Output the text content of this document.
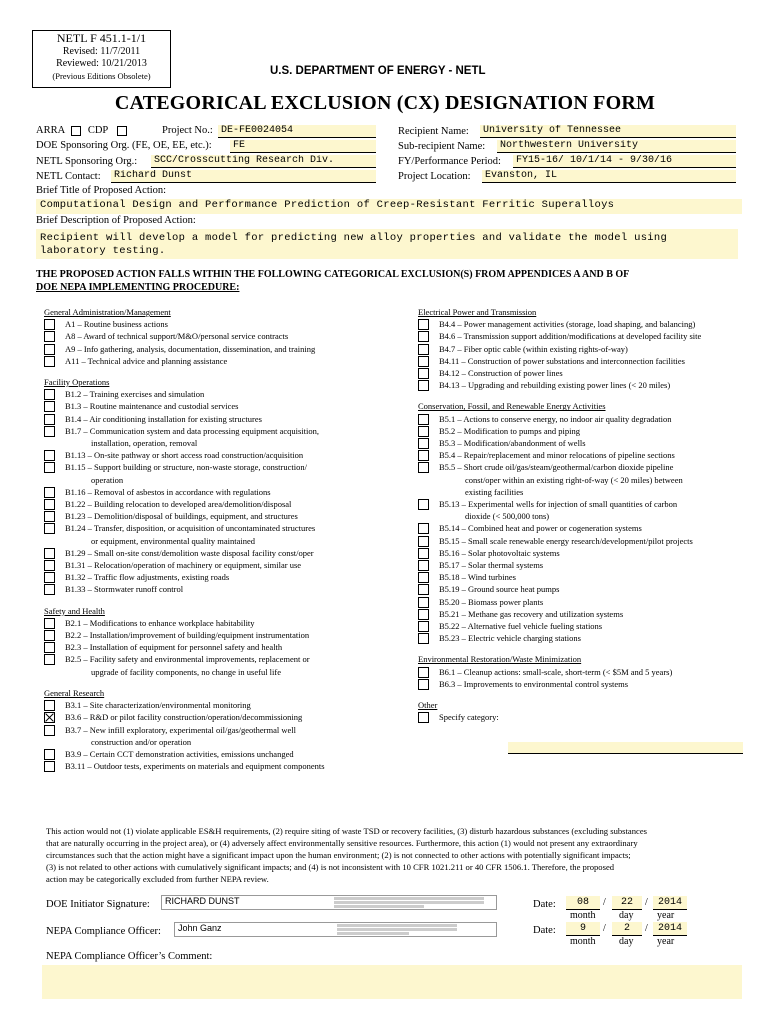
NETL F 451.1-1/1
Revised: 11/7/2011
Reviewed: 10/21/2013
(Previous Editions Obsolete)	U.S. DEPARTMENT OF ENERGY - NETL
CATEGORICAL EXCLUSION (CX) DESIGNATION FORM
ARRA CDP	Project No.: DE-FE0024054
DOE Sponsoring Org. (FE, OE, EE, etc.):	FE
NETL Sponsoring Org.:	SCC/Crosscutting Research Div.
NETL Contact:	Richard Dunst
Recipient Name:	University of Tennessee
Sub-recipient Name:	Northwestern University
FY/Performance Period:	FY15-16/ 10/1/14 - 9/30/16
Project Location:	Evanston, IL
Brief Title of Proposed Action:
Computational Design and Performance Prediction of Creep-Resistant Ferritic Superalloys
Brief Description of Proposed Action:
Recipient will develop a model for predicting new alloy properties and validate the model using
laboratory testing.
THE PROPOSED ACTION FALLS WITHIN THE FOLLOWING CATEGORICAL EXCLUSION(S) FROM APPENDICES A AND B OF
DOE NEPA IMPLEMENTING PROCEDURE:
General Administration/Management
A1 – Routine business actions
A8 – Award of technical support/M&O/personal service contracts
A9 – Info gathering, analysis, documentation, dissemination, and training
A11 – Technical advice and planning assistance
Facility Operations
B1.2 – Training exercises and simulation
B1.3 – Routine maintenance and custodial services
B1.4 – Air conditioning installation for existing structures
B1.7 – Communication system and data processing equipment acquisition,
installation, operation, removal
B1.13 – On-site pathway or short access road construction/acquisition
B1.15 – Support building or structure, non-waste storage, construction/
operation
B1.16 – Removal of asbestos in accordance with regulations
B1.22 – Building relocation to developed area/demolition/disposal
B1.23 – Demolition/disposal of buildings, equipment, and structures
B1.24 – Transfer, disposition, or acquisition of uncontaminated structures
or equipment, environmental quality maintained
B1.29 – Small on-site const/demolition waste disposal facility const/oper
B1.31 – Relocation/operation of machinery or equipment, similar use
B1.32 – Traffic flow adjustments, existing roads
B1.33 – Stormwater runoff control
Safety and Health
B2.1 – Modifications to enhance workplace habitability
B2.2 – Installation/improvement of building/equipment instrumentation
B2.3 – Installation of equipment for personnel safety and health
B2.5 – Facility safety and environmental improvements, replacement or
upgrade of facility components, no change in useful life
General Research
B3.1 – Site characterization/environmental monitoring
B3.6 – R&D or pilot facility construction/operation/decommissioning
B3.7 – New infill exploratory, experimental oil/gas/geothermal well
construction and/or operation
B3.9 – Certain CCT demonstration activities, emissions unchanged
B3.11 – Outdoor tests, experiments on materials and equipment components
Electrical Power and Transmission
B4.4 – Power management activities (storage, load shaping, and balancing)
B4.6 – Transmission support addition/modifications at developed facility site
B4.7 – Fiber optic cable (within existing rights-of-way)
B4.11 – Construction of power substations and interconnection facilities
B4.12 – Construction of power lines
B4.13 – Upgrading and rebuilding existing power lines (< 20 miles)
Conservation, Fossil, and Renewable Energy Activities
B5.1 – Actions to conserve energy, no indoor air quality degradation
B5.2 – Modification to pumps and piping
B5.3 – Modification/abandonment of wells
B5.4 – Repair/replacement and minor relocations of pipeline sections
B5.5 – Short crude oil/gas/steam/geothermal/carbon dioxide pipeline
const/oper within an existing right-of-way (< 20 miles) between
existing facilities
B5.13 – Experimental wells for injection of small quantities of carbon
dioxide (< 500,000 tons)
B5.14 – Combined heat and power or cogeneration systems
B5.15 – Small scale renewable energy research/development/pilot projects
B5.16 – Solar photovoltaic systems
B5.17 – Solar thermal systems
B5.18 – Wind turbines
B5.19 – Ground source heat pumps
B5.20 – Biomass power plants
B5.21 – Methane gas recovery and utilization systems
B5.22 – Alternative fuel vehicle fueling stations
B5.23 – Electric vehicle charging stations
Environmental Restoration/Waste Minimization
B6.1 – Cleanup actions: small-scale, short-term (< $5M and 5 years)
B6.3 – Improvements to environmental control systems
Other
Specify category:
This action would not (1) violate applicable ES&H requirements, (2) require siting of waste TSD or recovery facilities, (3) disturb hazardous substances (excluding substances
that are naturally occurring in the project area), or (4) adversely affect environmentally sensitive resources. Furthermore, this action (1) would not present any extraordinary
circumstances such that the action might have a significant impact upon the human environment; (2) is not connected to other actions with potentially significant impacts;
(3) is not related to other actions with cumulatively significant impacts; and (4) is not inconsistent with 10 CFR 1021.211 or 40 CFR 1506.1. Therefore, the proposed
action may be categorically excluded from further NEPA review.
DOE Initiator Signature: RICHARD DUNST
NEPA Compliance Officer: John Ganz
Date:	08	/	22	/	2014
month day year
Date:	9	/	2	/	2014
month day year
NEPA Compliance Officer’s Comment:
